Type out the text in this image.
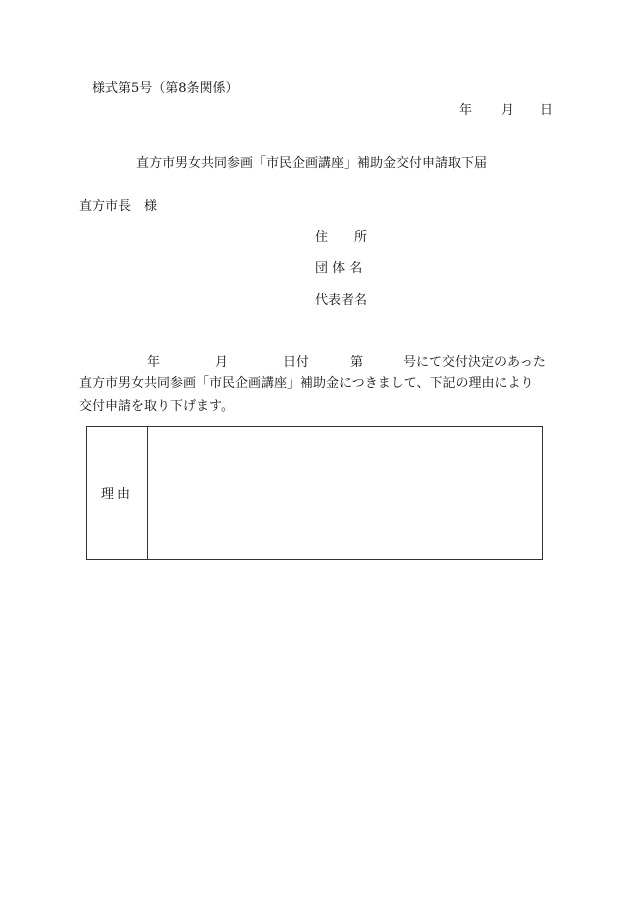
様式第5号（第8条関係）
年 月 日
直方市男女共同参画「市民企画講座」補助金交付申請取下届
直方市長　様
住　　所
団 体 名
代表者名
年	月	日付	第	号にて交付決定のあった
直方市男女共同参画「市民企画講座」補助金につきまして、下記の理由により
交付申請を取り下げます。
理由
